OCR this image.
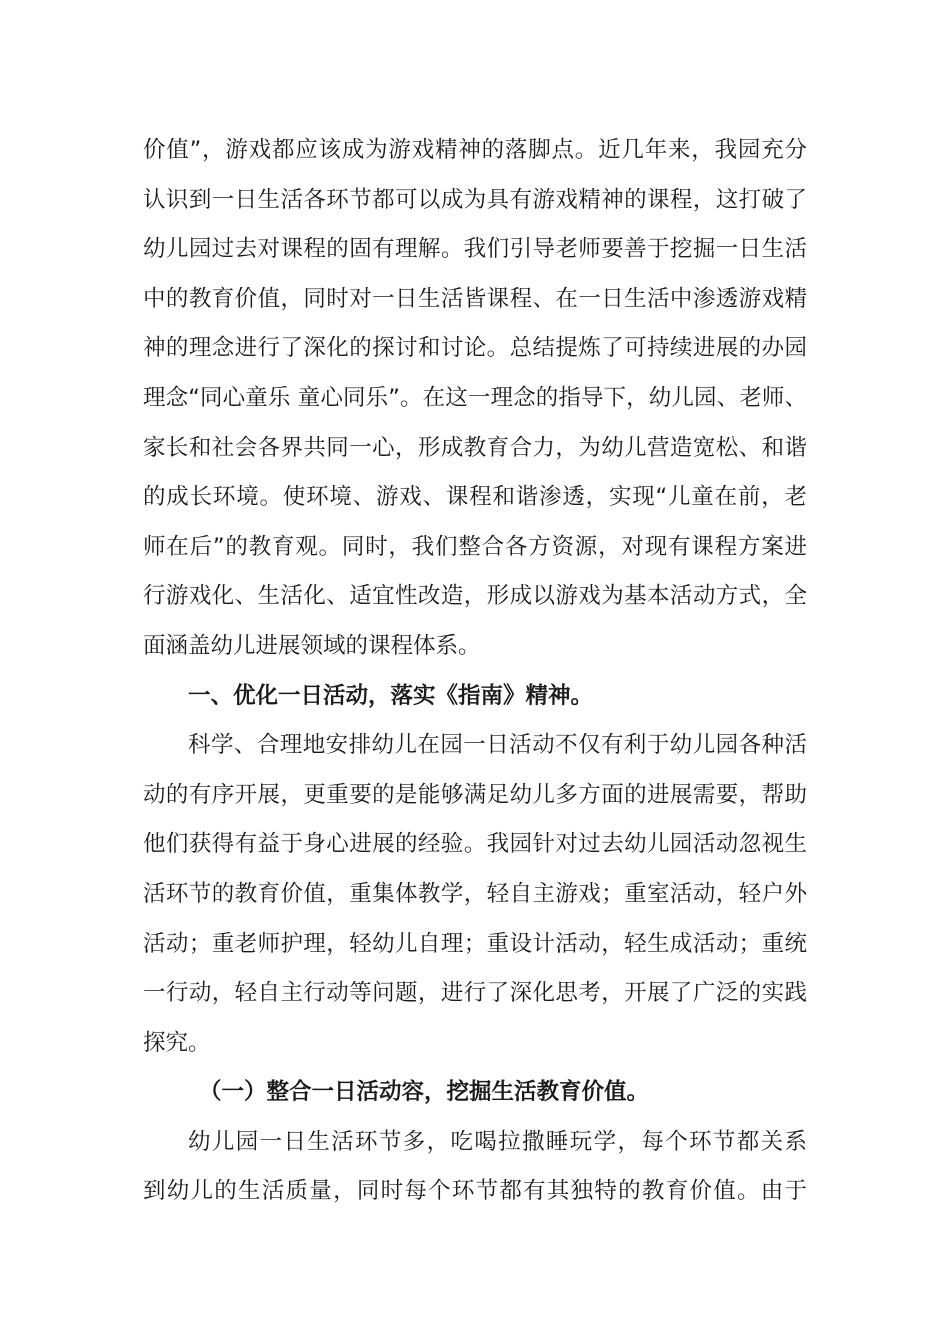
价值”，游戏都应该成为游戏精神的落脚点。近几年来，我园充分
认识到一日生活各环节都可以成为具有游戏精神的课程，这打破了
幼儿园过去对课程的固有理解。我们引导老师要善于挖掘一日生活
中的教育价值，同时对一日生活皆课程、在一日生活中渗透游戏精
神的理念进行了深化的探讨和讨论。总结提炼了可持续进展的办园
理念“同心童乐 童心同乐”。在这一理念的指导下，幼儿园、老师、
家长和社会各界共同一心，形成教育合力，为幼儿营造宽松、和谐
的成长环境。使环境、游戏、课程和谐渗透，实现“儿童在前，老
师在后”的教育观。同时，我们整合各方资源，对现有课程方案进
行游戏化、生活化、适宜性改造，形成以游戏为基本活动方式，全
面涵盖幼儿进展领域的课程体系。
一、优化一日活动，落实《指南》精神。
科学、合理地安排幼儿在园一日活动不仅有利于幼儿园各种活
动的有序开展，更重要的是能够满足幼儿多方面的进展需要，帮助
他们获得有益于身心进展的经验。我园针对过去幼儿园活动忽视生
活环节的教育价值，重集体教学，轻自主游戏；重室活动，轻户外
活动；重老师护理，轻幼儿自理；重设计活动，轻生成活动；重统
一行动，轻自主行动等问题，进行了深化思考，开展了广泛的实践
探究。
（一）整合一日活动容，挖掘生活教育价值。
幼儿园一日生活环节多，吃喝拉撒睡玩学，每个环节都关系
到幼儿的生活质量，同时每个环节都有其独特的教育价值。由于
